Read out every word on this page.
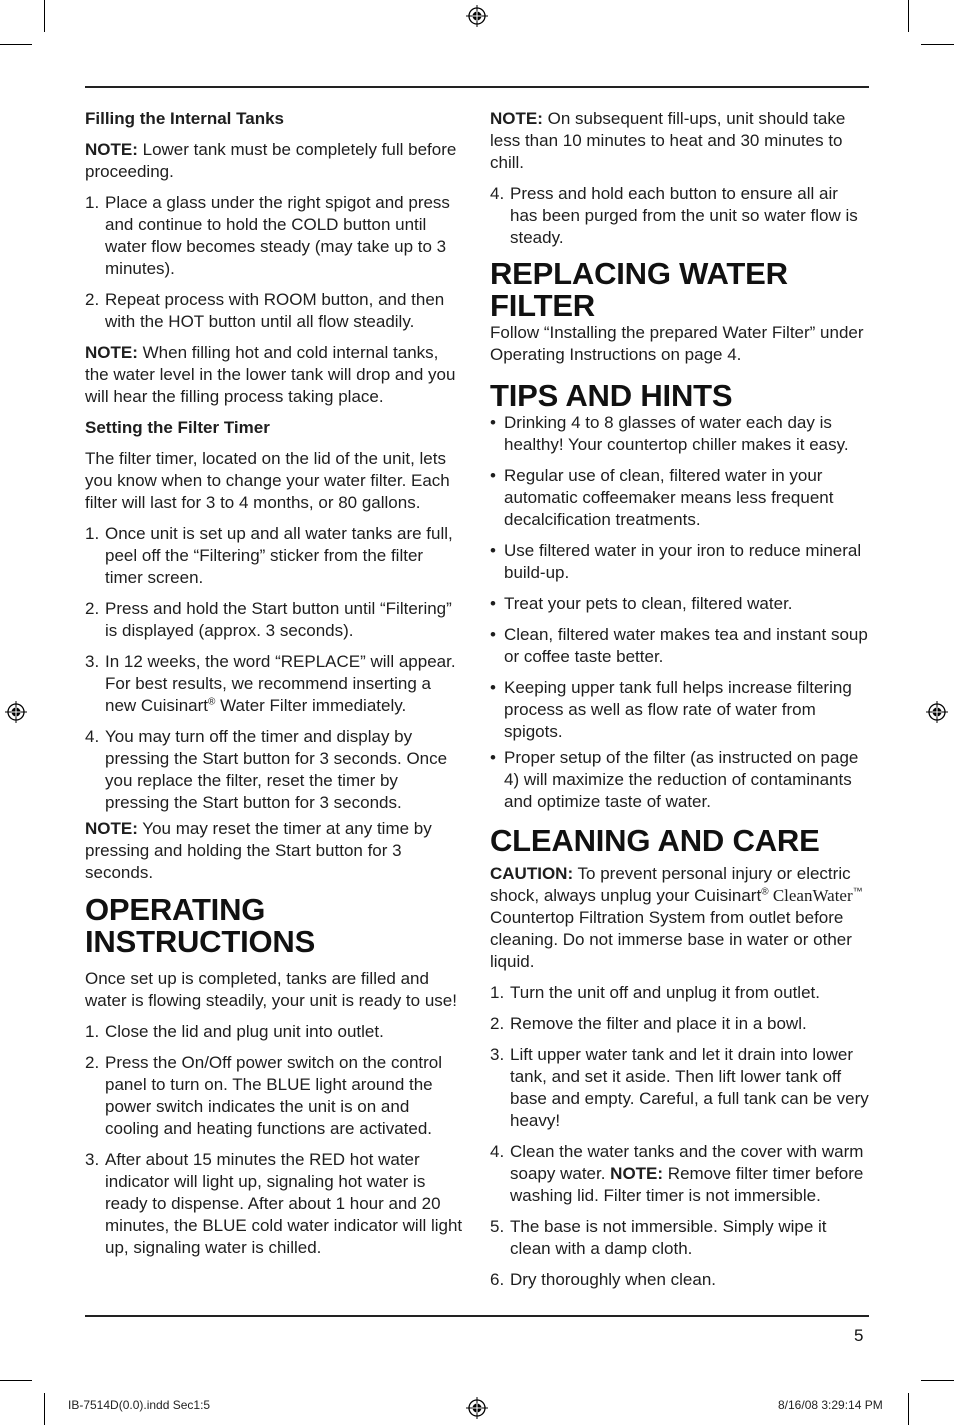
Filling the Internal Tanks

NOTE: Lower tank must be completely full before proceeding.

1. Place a glass under the right spigot and press and continue to hold the COLD button until water flow becomes steady (may take up to 3 minutes).
2. Repeat process with ROOM button, and then with the HOT button until all flow steadily.

NOTE: When filling hot and cold internal tanks, the water level in the lower tank will drop and you will hear the filling process taking place.

Setting the Filter Timer

The filter timer, located on the lid of the unit, lets you know when to change your water filter. Each filter will last for 3 to 4 months, or 80 gallons.

1. Once unit is set up and all water tanks are full, peel off the “Filtering” sticker from the filter timer screen.
2. Press and hold the Start button until “Filtering” is displayed (approx. 3 seconds).
3. In 12 weeks, the word “REPLACE” will appear. For best results, we recommend inserting a new Cuisinart® Water Filter immediately.
4. You may turn off the timer and display by pressing the Start button for 3 seconds. Once you replace the filter, reset the timer by pressing the Start button for 3 seconds.

NOTE: You may reset the timer at any time by pressing and holding the Start button for 3 seconds.

OPERATING INSTRUCTIONS

Once set up is completed, tanks are filled and water is flowing steadily, your unit is ready to use!

1. Close the lid and plug unit into outlet.
2. Press the On/Off power switch on the control panel to turn on. The BLUE light around the power switch indicates the unit is on and cooling and heating functions are activated.
3. After about 15 minutes the RED hot water indicator will light up, signaling hot water is ready to dispense. After about 1 hour and 20 minutes, the BLUE cold water indicator will light up, signaling water is chilled.

NOTE: On subsequent fill-ups, unit should take less than 10 minutes to heat and 30 minutes to chill.

4. Press and hold each button to ensure all air has been purged from the unit so water flow is steady.
REPLACING WATER FILTER

Follow “Installing the prepared Water Filter” under Operating Instructions on page 4.

TIPS AND HINTS
• Drinking 4 to 8 glasses of water each day is healthy! Your countertop chiller makes it easy.
• Regular use of clean, filtered water in your automatic coffeemaker means less frequent decalcification treatments.
• Use filtered water in your iron to reduce mineral build-up.
• Treat your pets to clean, filtered water.
• Clean, filtered water makes tea and instant soup or coffee taste better.
• Keeping upper tank full helps increase filtering process as well as flow rate of water from spigots.
• Proper setup of the filter (as instructed on page 4) will maximize the reduction of contaminants and optimize taste of water.
CLEANING AND CARE

CAUTION: To prevent personal injury or electric shock, always unplug your Cuisinart® CleanWater™ Countertop Filtration System from outlet before cleaning. Do not immerse base in water or other liquid.

1. Turn the unit off and unplug it from outlet.
2. Remove the filter and place it in a bowl.
3. Lift upper water tank and let it drain into lower tank, and set it aside. Then lift lower tank off base and empty. Careful, a full tank can be very heavy!
4. Clean the water tanks and the cover with warm soapy water. NOTE: Remove filter timer before washing lid. Filter timer is not immersible.
5. The base is not immersible. Simply wipe it clean with a damp cloth.
6. Dry thoroughly when clean.
5
IB-7514D(0.0).indd Sec1:5	8/16/08 3:29:14 PM
